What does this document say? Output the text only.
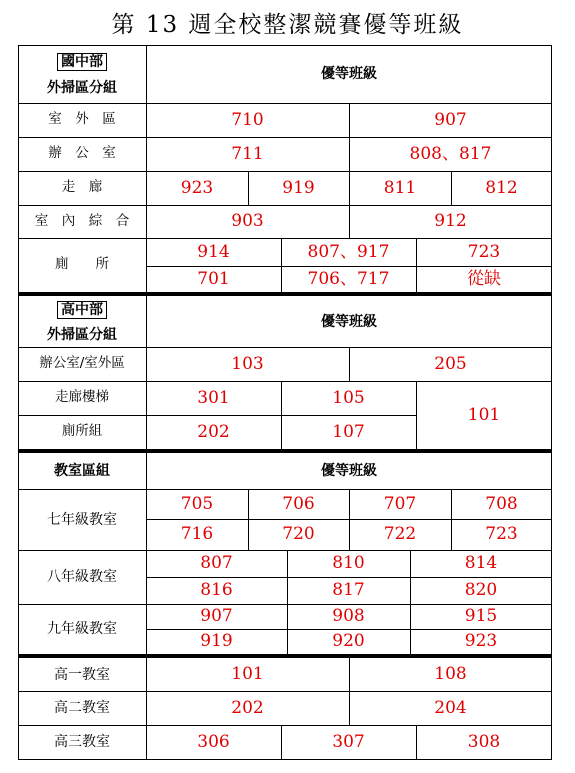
第 13 週全校整潔競賽優等班級
國中部
外掃區分組
優等班級
室　外　區	710	907
辦　公　室	711	808、817
走　廊	923	919	811	812
室　內　綜　合	903	912
廁　　所
914	807、917	723
701	706、717	從缺
高中部
外掃區分組
優等班級
辦公室/室外區	103	205
走廊樓梯	301	105
廁所組	202	107
101
教室區組	優等班級
七年級教室
705	706	707	708
716	720	722	723
八年級教室
807	810	814
816	817	820
九年級教室
907	908	915
919	920	923
高一教室	101	108
高二教室	202	204
高三教室	306	307	308
